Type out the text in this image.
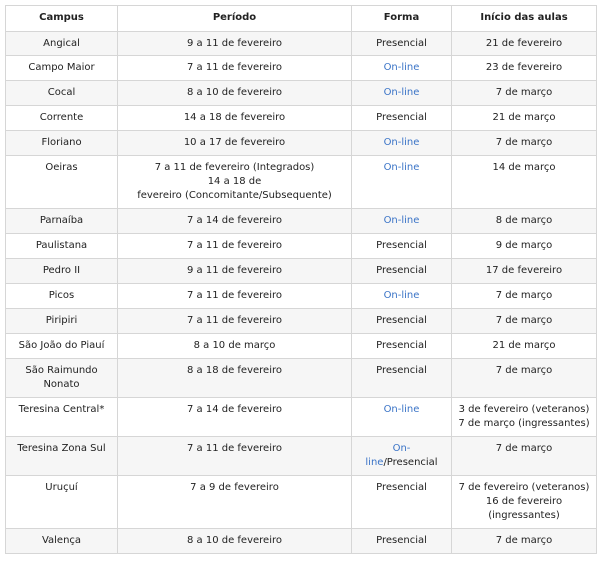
Campus	Período	Forma	Início das aulas

Angical	9 a 11 de fevereiro	Presencial	21 de fevereiro

Campo Maior	7 a 11 de fevereiro	On-line	23 de fevereiro

Cocal	8 a 10 de fevereiro	On-line	7 de março

Corrente	14 a 18 de fevereiro	Presencial	21 de março

Floriano	10 a 17 de fevereiro	On-line	7 de março

Oeiras	7 a 11 de fevereiro (Integrados)
14 a 18 de
fevereiro (Concomitante/Subsequente)	On-line	14 de março

Parnaíba	7 a 14 de fevereiro	On-line	8 de março

Paulistana	7 a 11 de fevereiro	Presencial	9 de março

Pedro II	9 a 11 de fevereiro	Presencial	17 de fevereiro

Picos	7 a 11 de fevereiro	On-line	7 de março

Piripiri	7 a 11 de fevereiro	Presencial	7 de março

São João do Piauí	8 a 10 de março	Presencial	21 de março

São Raimundo
Nonato	8 a 18 de fevereiro	Presencial	7 de março

Teresina Central*	7 a 14 de fevereiro	On-line	3 de fevereiro (veteranos)
7 de março (ingressantes)

Teresina Zona Sul	7 a 11 de fevereiro	On-
line/Presencial	7 de março

Uruçuí	7 a 9 de fevereiro	Presencial	7 de fevereiro (veteranos)
16 de fevereiro
(ingressantes)

Valença	8 a 10 de fevereiro	Presencial	7 de março
